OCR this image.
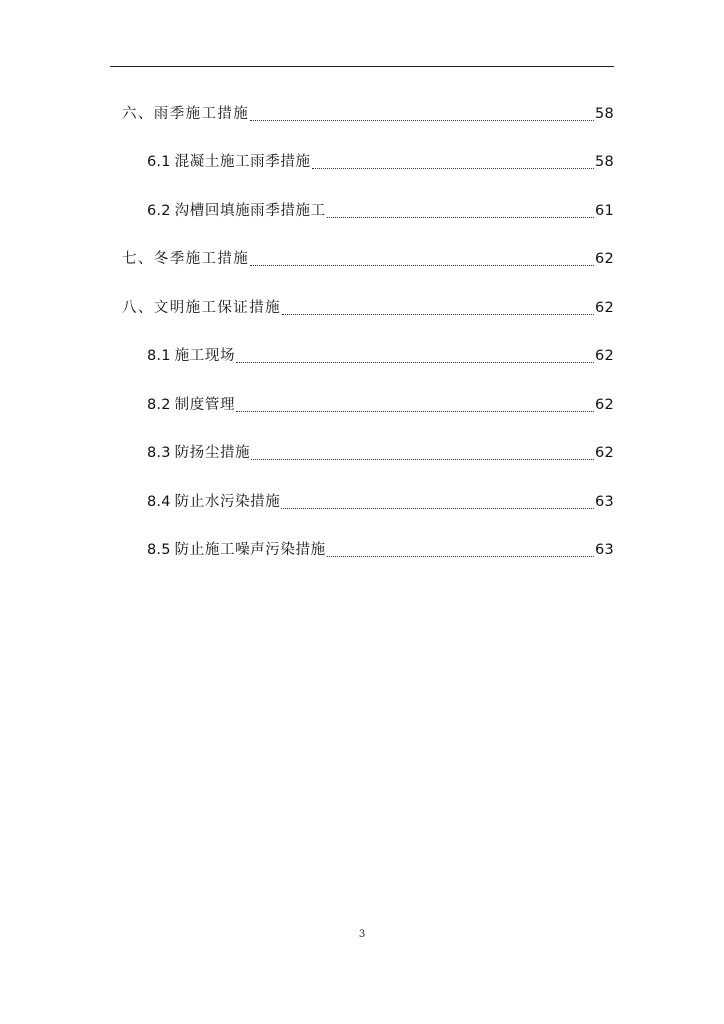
六、雨季施工措施	58
6.1 混凝土施工雨季措施	58
6.2 沟槽回填施雨季措施工	61
七、冬季施工措施	62
八、文明施工保证措施	62
8.1 施工现场	62
8.2 制度管理	62
8.3 防扬尘措施	62
8.4 防止水污染措施	63
8.5 防止施工噪声污染措施	63
3
